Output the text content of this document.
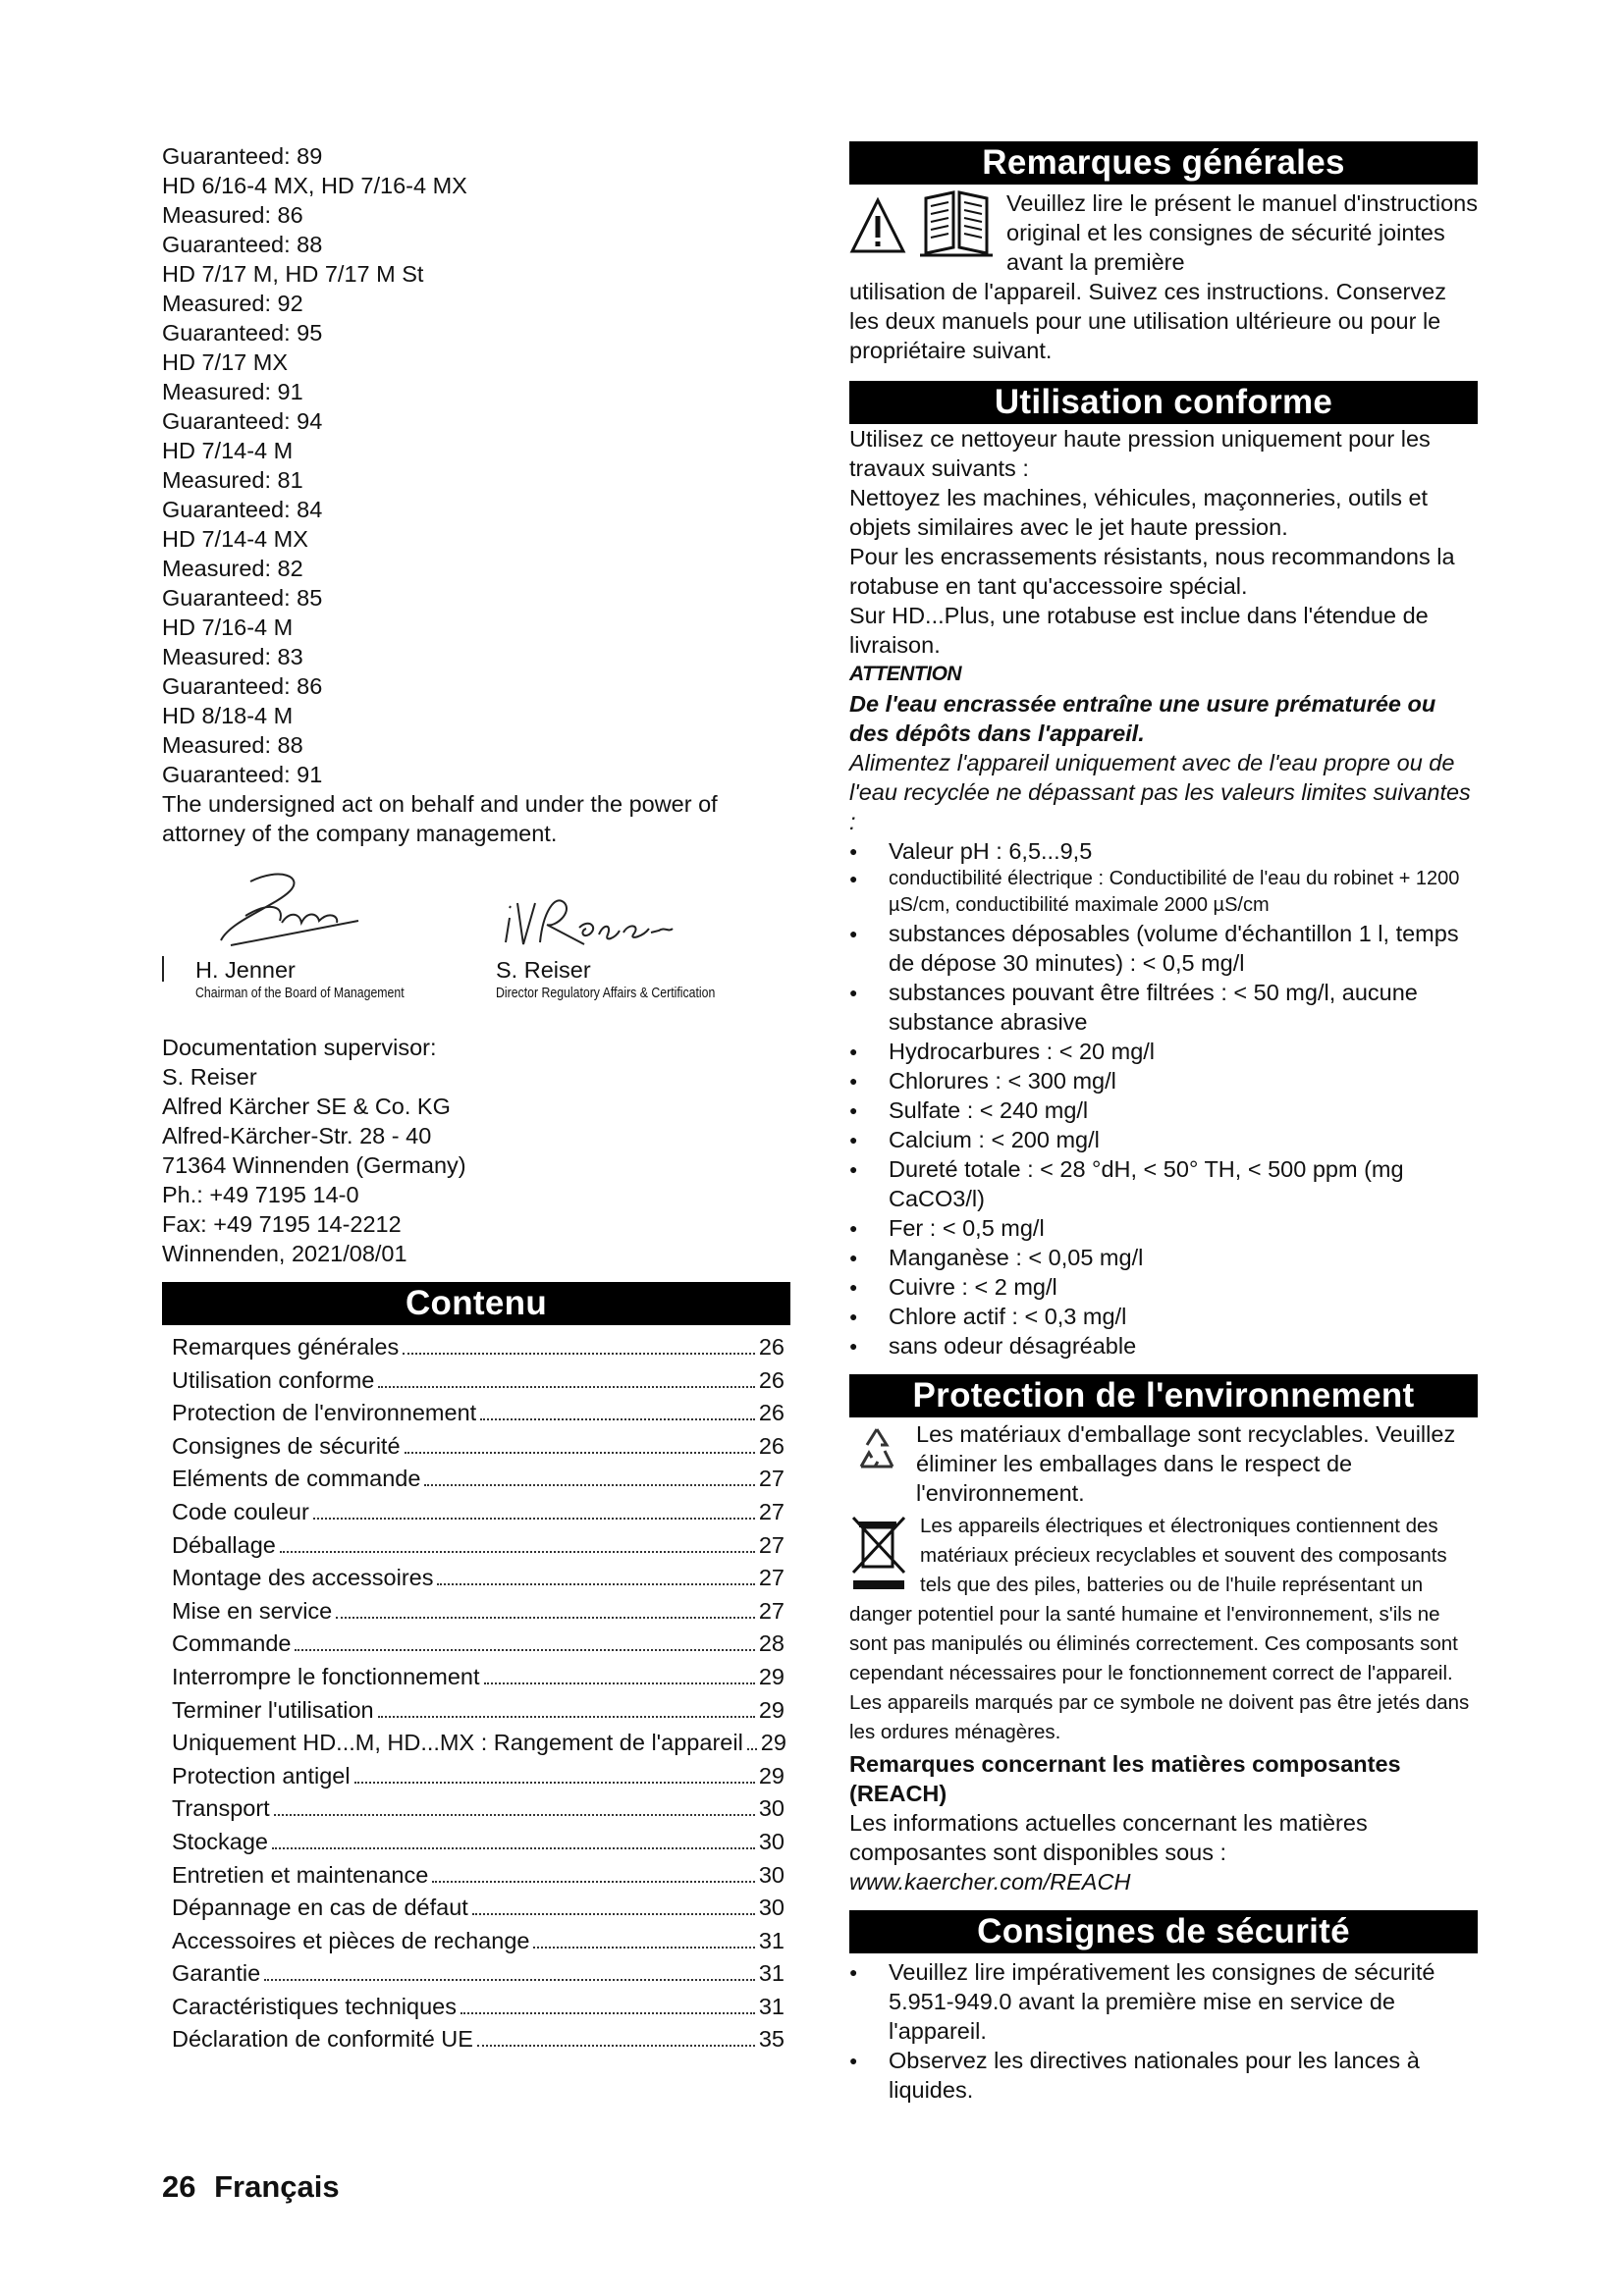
Guaranteed: 89
HD 6/16-4 MX, HD 7/16-4 MX
Measured: 86
Guaranteed: 88
HD 7/17 M, HD 7/17 M St
Measured: 92
Guaranteed: 95
HD 7/17 MX
Measured: 91
Guaranteed: 94
HD 7/14-4 M
Measured: 81
Guaranteed: 84
HD 7/14-4 MX
Measured: 82
Guaranteed: 85
HD 7/16-4 M
Measured: 83
Guaranteed: 86
HD 8/18-4 M
Measured: 88
Guaranteed: 91

The undersigned act on behalf and under the power of attorney of the company management.

H. Jenner
Chairman of the Board of Management
S. Reiser
Director Regulatory Affairs & Certification
Documentation supervisor:
S. Reiser
Alfred Kärcher SE & Co. KG
Alfred-Kärcher-Str. 28 - 40
71364 Winnenden (Germany)
Ph.: +49 7195 14-0
Fax: +49 7195 14-2212
Winnenden, 2021/08/01
Contenu
Remarques générales	26
Utilisation conforme	26
Protection de l'environnement	26
Consignes de sécurité	26
Eléments de commande	27
Code couleur	27
Déballage	27
Montage des accessoires	27
Mise en service	27
Commande	28
Interrompre le fonctionnement	29
Terminer l'utilisation	29
Uniquement HD...M, HD...MX : Rangement de l'appareil 29
Protection antigel	29
Transport	30
Stockage	30
Entretien et maintenance	30
Dépannage en cas de défaut	30
Accessoires et pièces de rechange	31
Garantie	31
Caractéristiques techniques	31
Déclaration de conformité UE	35
Remarques générales

Veuillez lire le présent le manuel d'instructions original et les consignes de sécurité jointes avant la première

utilisation de l'appareil. Suivez ces instructions. Conservez les deux manuels pour une utilisation ultérieure ou pour le propriétaire suivant.

Utilisation conforme

Utilisez ce nettoyeur haute pression uniquement pour les travaux suivants :

Nettoyez les machines, véhicules, maçonneries, outils et objets similaires avec le jet haute pression.

Pour les encrassements résistants, nous recommandons la rotabuse en tant qu'accessoire spécial.

Sur HD...Plus, une rotabuse est inclue dans l'étendue de livraison.

ATTENTION

De l'eau encrassée entraîne une usure prématurée ou des dépôts dans l'appareil.

Alimentez l'appareil uniquement avec de l'eau propre ou de l'eau recyclée ne dépassant pas les valeurs limites suivantes :

● Valeur pH : 6,5...9,5
● conductibilité électrique : Conductibilité de l'eau du robinet + 1200 µS/cm, conductibilité maximale 2000 µS/cm
● substances déposables (volume d'échantillon 1 l, temps de dépose 30 minutes) : < 0,5 mg/l
● substances pouvant être filtrées : < 50 mg/l, aucune substance abrasive
● Hydrocarbures : < 20 mg/l
● Chlorures : < 300 mg/l
● Sulfate : < 240 mg/l
● Calcium : < 200 mg/l
● Dureté totale : < 28 °dH, < 50° TH, < 500 ppm (mg CaCO3/l)
● Fer : < 0,5 mg/l
● Manganèse : < 0,05 mg/l
● Cuivre : < 2 mg/l
● Chlore actif : < 0,3 mg/l
● sans odeur désagréable
Protection de l'environnement

Les matériaux d'emballage sont recyclables. Veuillez éliminer les emballages dans le respect de l'environnement.

Les appareils électriques et électroniques contiennent des matériaux précieux recyclables et souvent des composants tels que des piles, batteries ou de l'huile représentant un danger potentiel pour la santé humaine et l'environnement, s'ils ne sont pas manipulés ou éliminés correctement. Ces composants sont cependant nécessaires pour le fonctionnement correct de l'appareil. Les appareils marqués par ce symbole ne doivent pas être jetés dans les ordures ménagères.

Remarques concernant les matières composantes (REACH)

Les informations actuelles concernant les matières composantes sont disponibles sous : www.kaercher.com/REACH

Consignes de sécurité
● Veuillez lire impérativement les consignes de sécurité 5.951-949.0 avant la première mise en service de l'appareil.
● Observez les directives nationales pour les lances à liquides.
26 Français
